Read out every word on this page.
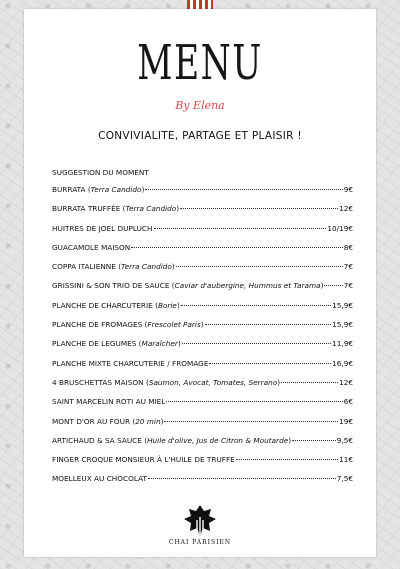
MENU
By Elena
CONVIVIALITE, PARTAGE ET PLAISIR !
SUGGESTION DU MOMENT
BURRATA ( Terra Candido )	9€
BURRATA TRUFFÉE ( Terra Candido )	12€
HUITRES DE JOEL DUPLUCH	10/19€
GUACAMOLE MAISON	8€
COPPA ITALIENNE ( Terra Candido )	7€
GRISSINI & SON TRIO DE SAUCE ( Caviar d'aubergine, Hummus et Tarama )	7€
PLANCHE DE CHARCUTERIE ( Borie )	15,9€
PLANCHE DE FROMAGES ( Frescolet Paris )	15,9€
PLANCHE DE LEGUMES ( Maraîcher )	11,9€
PLANCHE MIXTE CHARCUTERIE / FROMAGE	16,9€
4 BRUSCHETTAS MAISON ( Saumon, Avocat, Tomates, Serrano )	12€
SAINT MARCELIN ROTI AU MIEL	6€
MONT D'OR AU FOUR ( 20 min )	19€
ARTICHAUD & SA SAUCE ( Huile d'olive, Jus de Citron & Moutarde )	9,5€
FINGER CROQUE MONSIEUR À L'HUILE DE TRUFFE	11€
MOELLEUX AU CHOCOLAT	7,5€
CHAI PARISIEN
